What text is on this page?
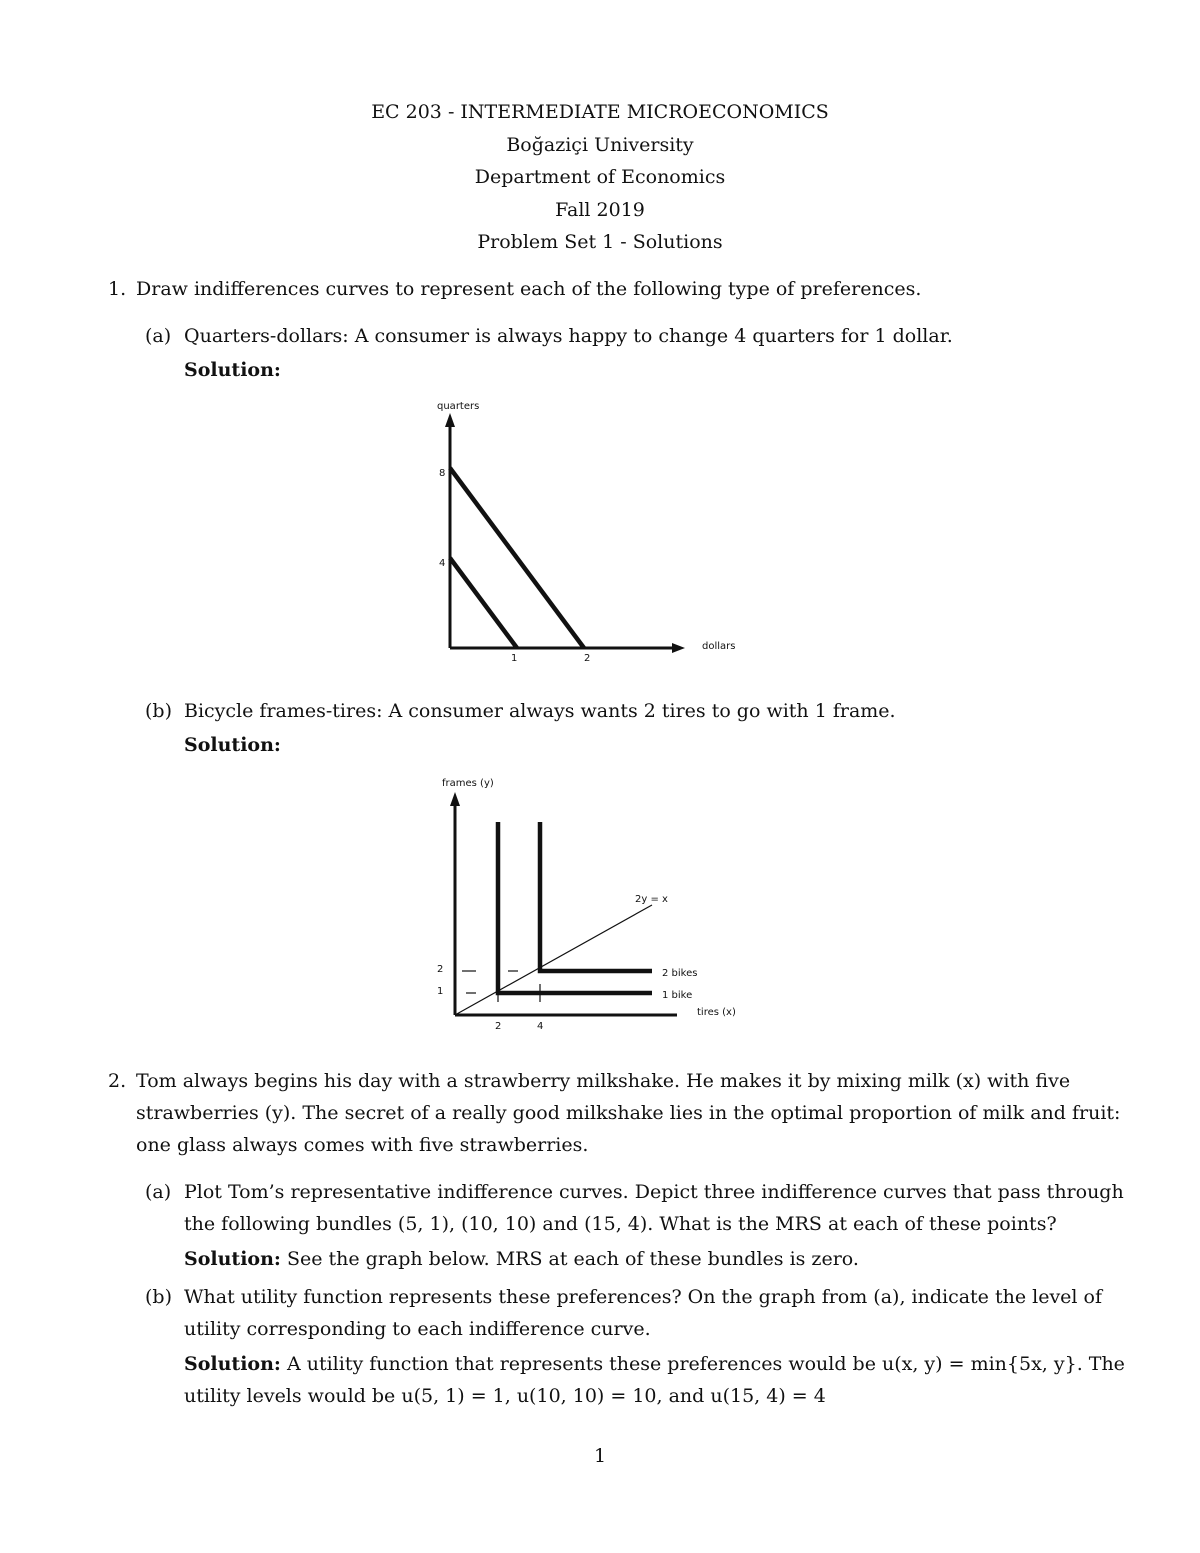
EC 203 - INTERMEDIATE MICROECONOMICS
Boğaziçi University
Department of Economics
Fall 2019
Problem Set 1 - Solutions
1. Draw indifferences curves to represent each of the following type of preferences.
(a) Quarters-dollars: A consumer is always happy to change 4 quarters for 1 dollar.
Solution:
quarters
dollars
4
8
1	2
(b) Bicycle frames-tires: A consumer always wants 2 tires to go with 1 frame.
Solution:
frames (y)
tires (x)
2y = x
2 bikes
1 bike
2
1
2	4
2. Tom always begins his day with a strawberry milkshake. He makes it by mixing milk (x) with five
strawberries (y). The secret of a really good milkshake lies in the optimal proportion of milk and fruit:
one glass always comes with five strawberries.
(a) Plot Tom’s representative indifference curves. Depict three indifference curves that pass through
the following bundles (5, 1), (10, 10) and (15, 4). What is the MRS at each of these points?
Solution: See the graph below. MRS at each of these bundles is zero.
(b) What utility function represents these preferences? On the graph from (a), indicate the level of
utility corresponding to each indifference curve.
Solution: A utility function that represents these preferences would be u(x, y) = min{5x, y}. The
utility levels would be u(5, 1) = 1, u(10, 10) = 10, and u(15, 4) = 4
1
